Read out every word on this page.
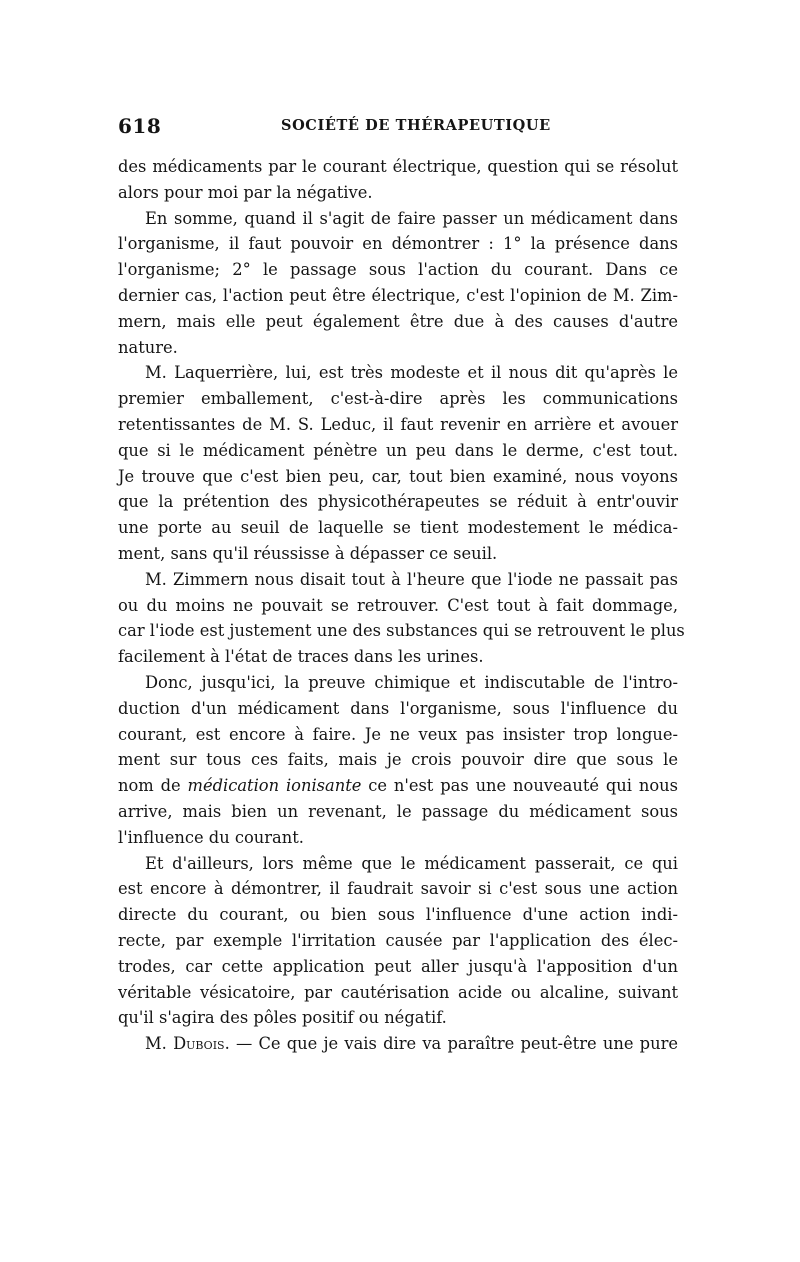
618	SOCIÉTÉ DE THÉRAPEUTIQUE
des médicaments par le courant électrique, question qui se résolut
alors pour moi par la négative.
En somme, quand il s'agit de faire passer un médicament dans
l'organisme, il faut pouvoir en démontrer : 1° la présence dans
l'organisme; 2° le passage sous l'action du courant. Dans ce
dernier cas, l'action peut être électrique, c'est l'opinion de M. Zim-
mern, mais elle peut également être due à des causes d'autre
nature.
M. Laquerrière, lui, est très modeste et il nous dit qu'après le
premier emballement, c'est-à-dire après les communications
retentissantes de M. S. Leduc, il faut revenir en arrière et avouer
que si le médicament pénètre un peu dans le derme, c'est tout.
Je trouve que c'est bien peu, car, tout bien examiné, nous voyons
que la prétention des physicothérapeutes se réduit à entr'ouvir
une porte au seuil de laquelle se tient modestement le médica-
ment, sans qu'il réussisse à dépasser ce seuil.
M. Zimmern nous disait tout à l'heure que l'iode ne passait pas
ou du moins ne pouvait se retrouver. C'est tout à fait dommage,
car l'iode est justement une des substances qui se retrouvent le plus
facilement à l'état de traces dans les urines.
Donc, jusqu'ici, la preuve chimique et indiscutable de l'intro-
duction d'un médicament dans l'organisme, sous l'influence du
courant, est encore à faire. Je ne veux pas insister trop longue-
ment sur tous ces faits, mais je crois pouvoir dire que sous le
nom de médication ionisante ce n'est pas une nouveauté qui nous
arrive, mais bien un revenant, le passage du médicament sous
l'influence du courant.
Et d'ailleurs, lors même que le médicament passerait, ce qui
est encore à démontrer, il faudrait savoir si c'est sous une action
directe du courant, ou bien sous l'influence d'une action indi-
recte, par exemple l'irritation causée par l'application des élec-
trodes, car cette application peut aller jusqu'à l'apposition d'un
véritable vésicatoire, par cautérisation acide ou alcaline, suivant
qu'il s'agira des pôles positif ou négatif.
M. Dubois. — Ce que je vais dire va paraître peut-être une pure
